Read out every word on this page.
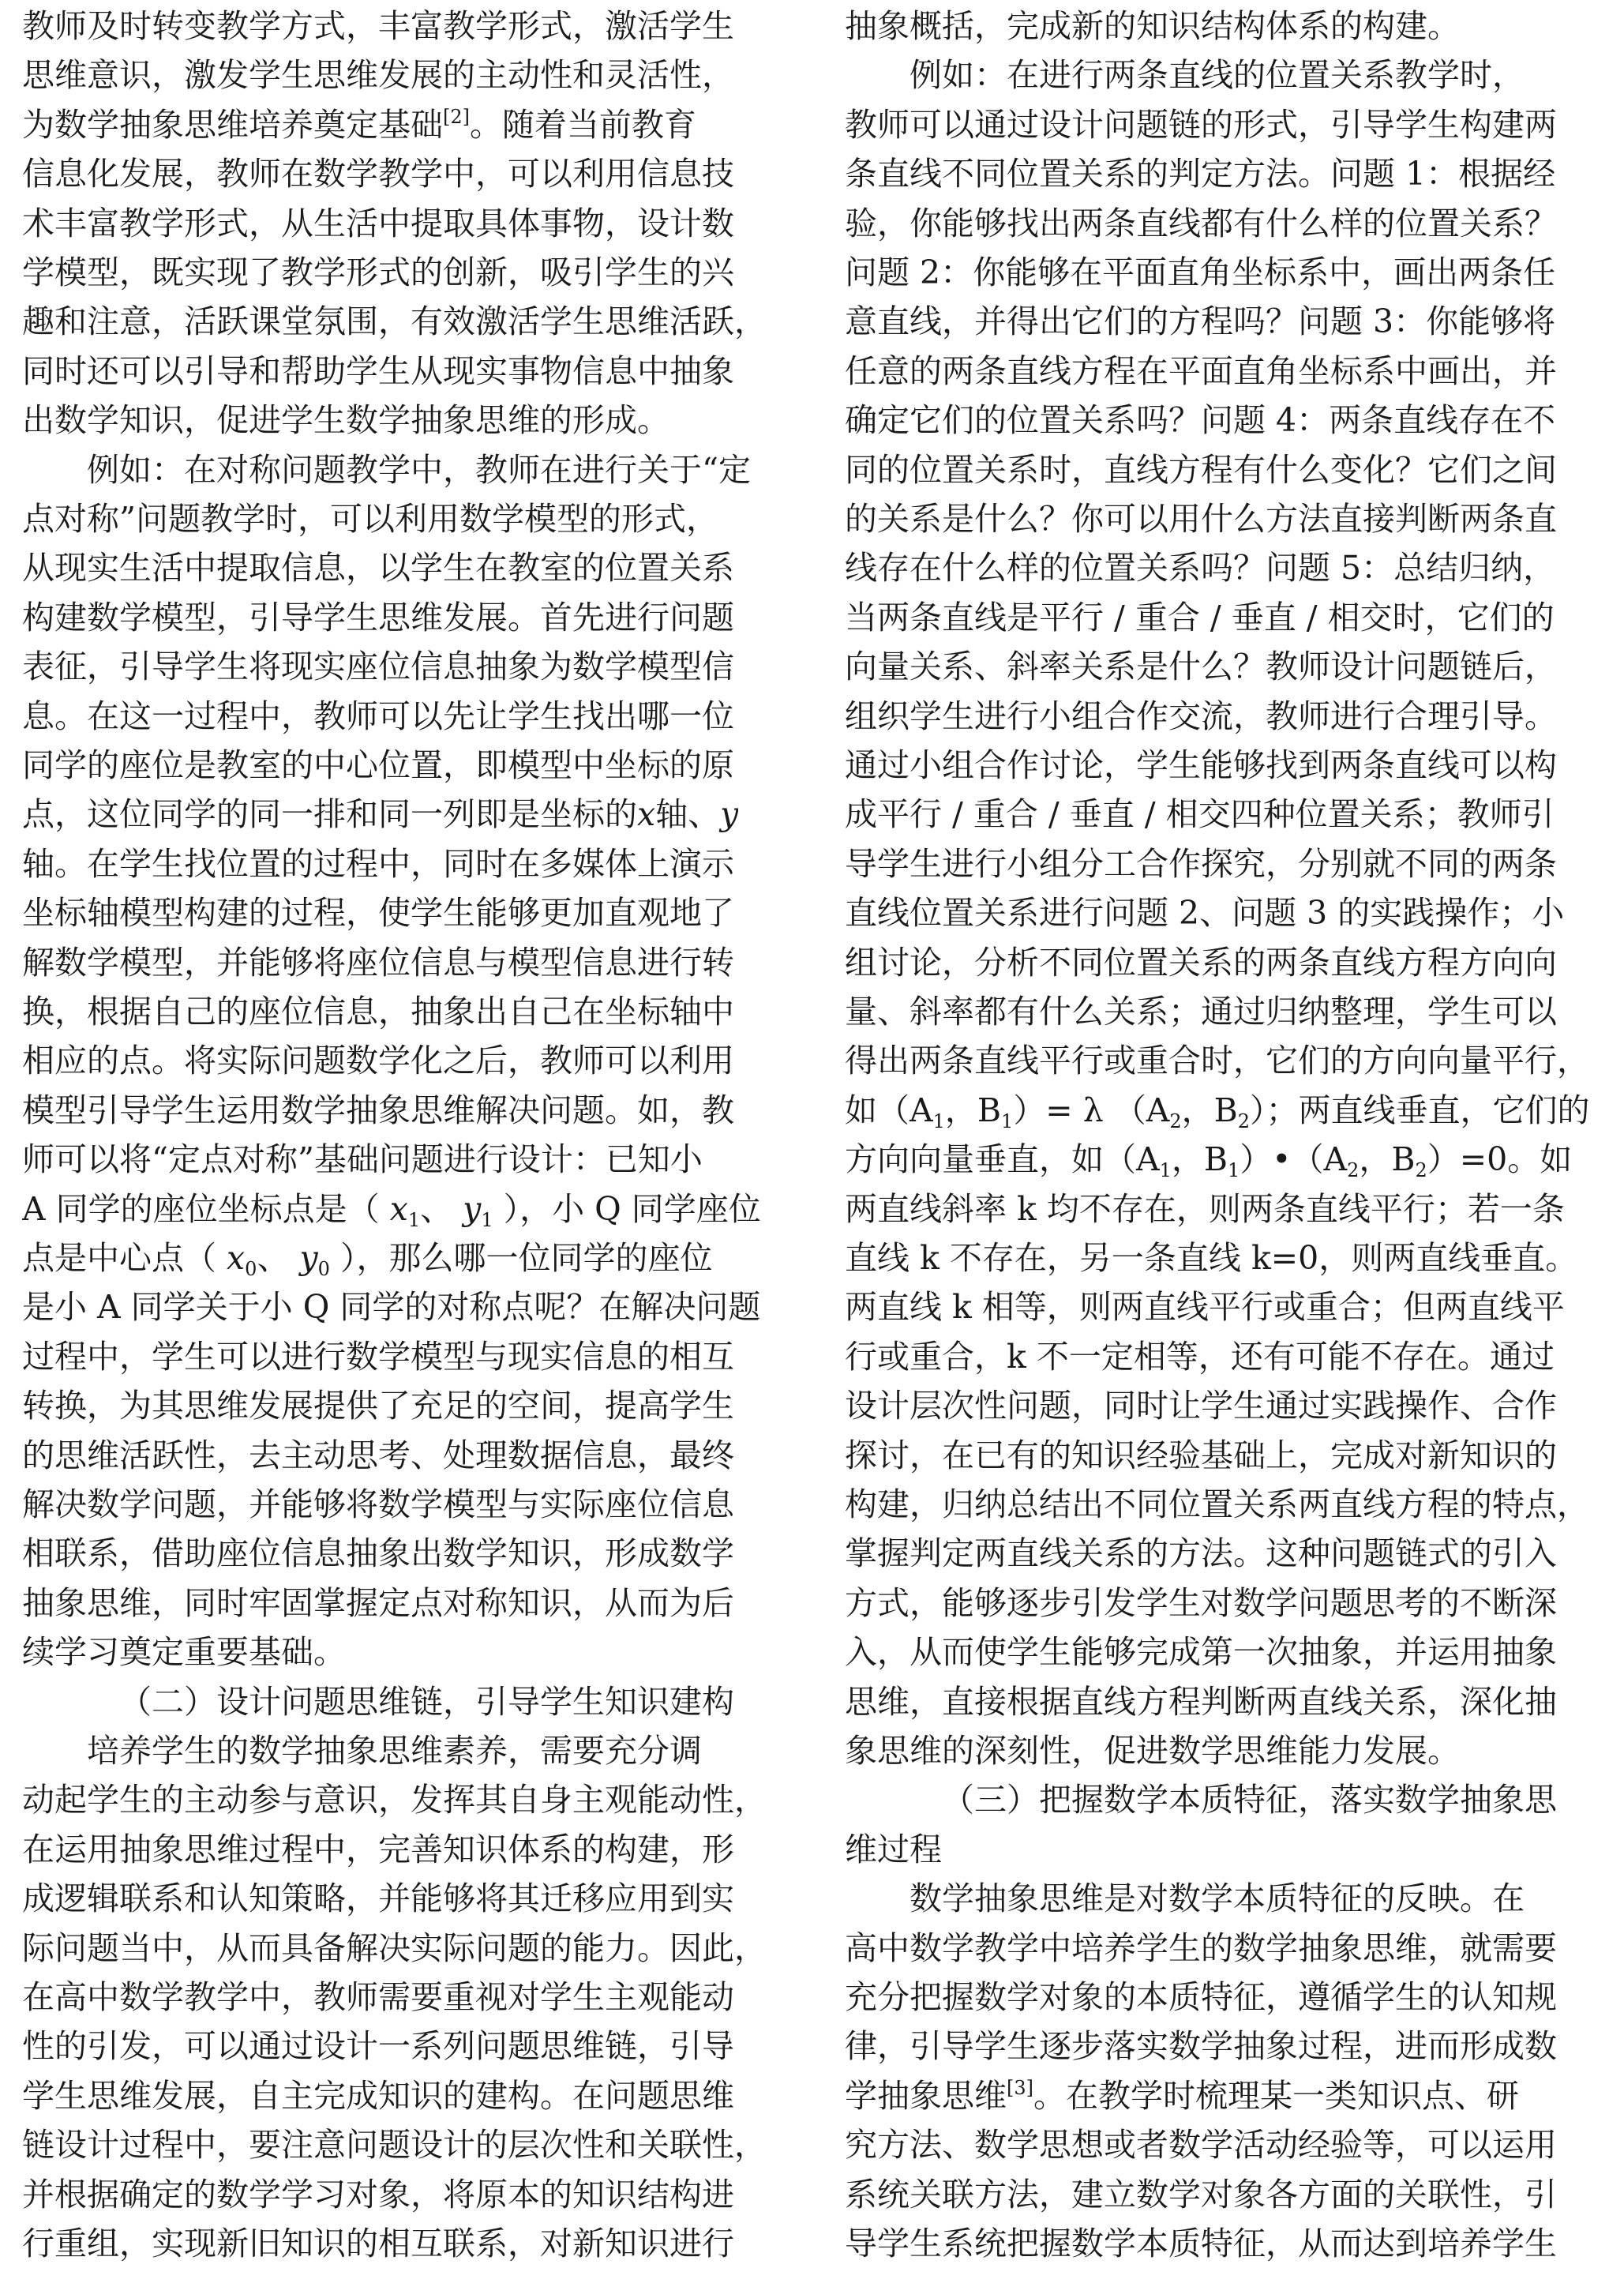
教师及时转变教学方式，丰富教学形式，激活学生
思维意识，激发学生思维发展的主动性和灵活性，
为数学抽象思维培养奠定基础[2]。随着当前教育
信息化发展，教师在数学教学中，可以利用信息技
术丰富教学形式，从生活中提取具体事物，设计数
学模型，既实现了教学形式的创新，吸引学生的兴
趣和注意，活跃课堂氛围，有效激活学生思维活跃，
同时还可以引导和帮助学生从现实事物信息中抽象
出数学知识，促进学生数学抽象思维的形成。
例如：在对称问题教学中，教师在进行关于“定
点对称”问题教学时，可以利用数学模型的形式，
从现实生活中提取信息，以学生在教室的位置关系
构建数学模型，引导学生思维发展。首先进行问题
表征，引导学生将现实座位信息抽象为数学模型信
息。在这一过程中，教师可以先让学生找出哪一位
同学的座位是教室的中心位置，即模型中坐标的原
点，这位同学的同一排和同一列即是坐标的x轴、y
轴。在学生找位置的过程中，同时在多媒体上演示
坐标轴模型构建的过程，使学生能够更加直观地了
解数学模型，并能够将座位信息与模型信息进行转
换，根据自己的座位信息，抽象出自己在坐标轴中
相应的点。将实际问题数学化之后，教师可以利用
模型引导学生运用数学抽象思维解决问题。如，教
师可以将“定点对称”基础问题进行设计：已知小
A 同学的座位坐标点是（ $x_1$、 $y_1$ ），小 Q 同学座位
点是中心点（ $x_0$、 $y_0$ ），那么哪一位同学的座位
是小 A 同学关于小 Q 同学的对称点呢？在解决问题
过程中，学生可以进行数学模型与现实信息的相互
转换，为其思维发展提供了充足的空间，提高学生
的思维活跃性，去主动思考、处理数据信息，最终
解决数学问题，并能够将数学模型与实际座位信息
相联系，借助座位信息抽象出数学知识，形成数学
抽象思维，同时牢固掌握定点对称知识，从而为后
续学习奠定重要基础。
（二）设计问题思维链，引导学生知识建构
培养学生的数学抽象思维素养，需要充分调
动起学生的主动参与意识，发挥其自身主观能动性，
在运用抽象思维过程中，完善知识体系的构建，形
成逻辑联系和认知策略，并能够将其迁移应用到实
际问题当中，从而具备解决实际问题的能力。因此，
在高中数学教学中，教师需要重视对学生主观能动
性的引发，可以通过设计一系列问题思维链，引导
学生思维发展，自主完成知识的建构。在问题思维
链设计过程中，要注意问题设计的层次性和关联性，
并根据确定的数学学习对象，将原本的知识结构进
行重组，实现新旧知识的相互联系，对新知识进行
抽象概括，完成新的知识结构体系的构建。
例如：在进行两条直线的位置关系教学时，
教师可以通过设计问题链的形式，引导学生构建两
条直线不同位置关系的判定方法。问题 1：根据经
验，你能够找出两条直线都有什么样的位置关系？
问题 2：你能够在平面直角坐标系中，画出两条任
意直线，并得出它们的方程吗？问题 3：你能够将
任意的两条直线方程在平面直角坐标系中画出，并
确定它们的位置关系吗？问题 4：两条直线存在不
同的位置关系时，直线方程有什么变化？它们之间
的关系是什么？你可以用什么方法直接判断两条直
线存在什么样的位置关系吗？问题 5：总结归纳，
当两条直线是平行 / 重合 / 垂直 / 相交时，它们的
向量关系、斜率关系是什么？教师设计问题链后，
组织学生进行小组合作交流，教师进行合理引导。
通过小组合作讨论，学生能够找到两条直线可以构
成平行 / 重合 / 垂直 / 相交四种位置关系；教师引
导学生进行小组分工合作探究，分别就不同的两条
直线位置关系进行问题 2、问题 3 的实践操作；小
组讨论，分析不同位置关系的两条直线方程方向向
量、斜率都有什么关系；通过归纳整理，学生可以
得出两条直线平行或重合时，它们的方向向量平行，
如（$A_1$，$B_1)= \lambda$ （$A_2$，$B_2$）；两直线垂直，它们的
方向向量垂直，如（$A_1$，$B_1)•(A_2$，$B_2)=0$。如
两直线斜率 k 均不存在，则两条直线平行；若一条
直线 k 不存在，另一条直线 k=0，则两直线垂直。
两直线 k 相等，则两直线平行或重合；但两直线平
行或重合，k 不一定相等，还有可能不存在。通过
设计层次性问题，同时让学生通过实践操作、合作
探讨，在已有的知识经验基础上，完成对新知识的
构建，归纳总结出不同位置关系两直线方程的特点，
掌握判定两直线关系的方法。这种问题链式的引入
方式，能够逐步引发学生对数学问题思考的不断深
入，从而使学生能够完成第一次抽象，并运用抽象
思维，直接根据直线方程判断两直线关系，深化抽
象思维的深刻性，促进数学思维能力发展。
（三）把握数学本质特征，落实数学抽象思
维过程
数学抽象思维是对数学本质特征的反映。在
高中数学教学中培养学生的数学抽象思维，就需要
充分把握数学对象的本质特征，遵循学生的认知规
律，引导学生逐步落实数学抽象过程，进而形成数
学抽象思维[3]。在教学时梳理某一类知识点、研
究方法、数学思想或者数学活动经验等，可以运用
系统关联方法，建立数学对象各方面的关联性，引
导学生系统把握数学本质特征，从而达到培养学生
